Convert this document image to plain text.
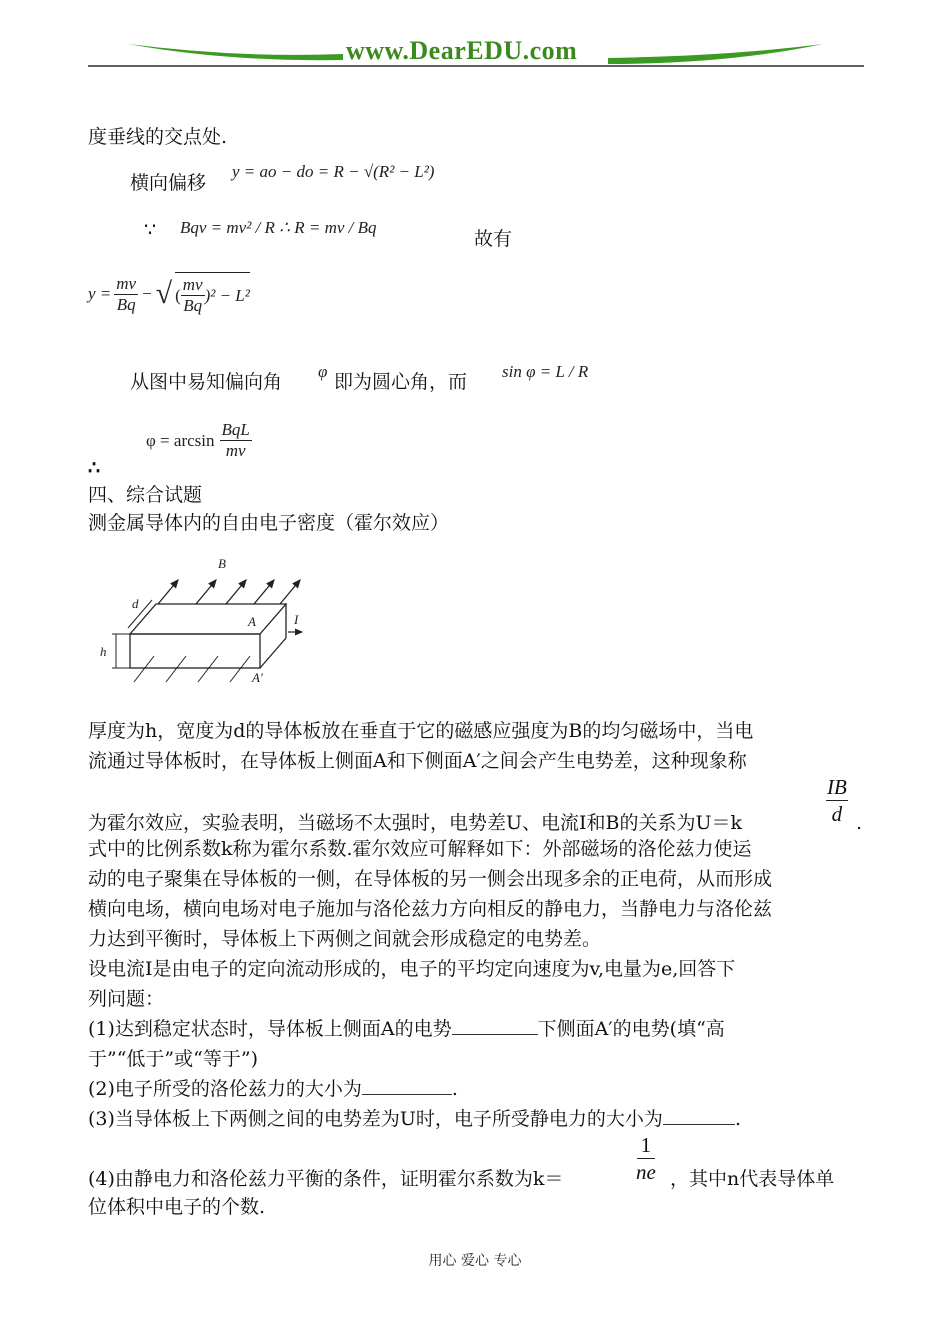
www.DearEDU.com
度垂线的交点处.
横向偏移
y = ao − do = R − √(R² − L²)
∵ Bqv = mv² / R ∴ R = mv / Bq
故有
$y = \frac{mv}{Bq}$ − √ ( $\frac{mv}{Bq} )^2 - L^2$
从图中易知偏向角 φ 即为圆心角，而 sin φ = L / R
$\varphi = \arcsin \frac{\text{BqL}}{mv}$
∴
四、综合试题
测金属导体内的自由电子密度（霍尔效应）
B
d
A	I
h
A′
厚度为h，宽度为d的导体板放在垂直于它的磁感应强度为B的均匀磁场中，当电
流通过导体板时，在导体板上侧面A和下侧面A′之间会产生电势差，这种现象称
为霍尔效应，实验表明，当磁场不太强时，电势差U、电流I和B的关系为U＝k	$\frac{IB}{d}$ .
式中的比例系数k称为霍尔系数.霍尔效应可解释如下：外部磁场的洛伦兹力使运
动的电子聚集在导体板的一侧，在导体板的另一侧会出现多余的正电荷，从而形成
横向电场，横向电场对电子施加与洛伦兹力方向相反的静电力，当静电力与洛伦兹
力达到平衡时，导体板上下两侧之间就会形成稳定的电势差。
设电流I是由电子的定向流动形成的，电子的平均定向速度为v,电量为e,回答下
列问题：
(1)达到稳定状态时，导体板上侧面A的电势	下侧面A′的电势(填“高
于”“低于”或“等于”)
(2)电子所受的洛伦兹力的大小为	.
(3)当导体板上下两侧之间的电势差为U时，电子所受静电力的大小为	.
$\frac{1}{ne}$
(4)由静电力和洛伦兹力平衡的条件，证明霍尔系数为k＝	，其中n代表导体单
位体积中电子的个数.
用心 爱心 专心
